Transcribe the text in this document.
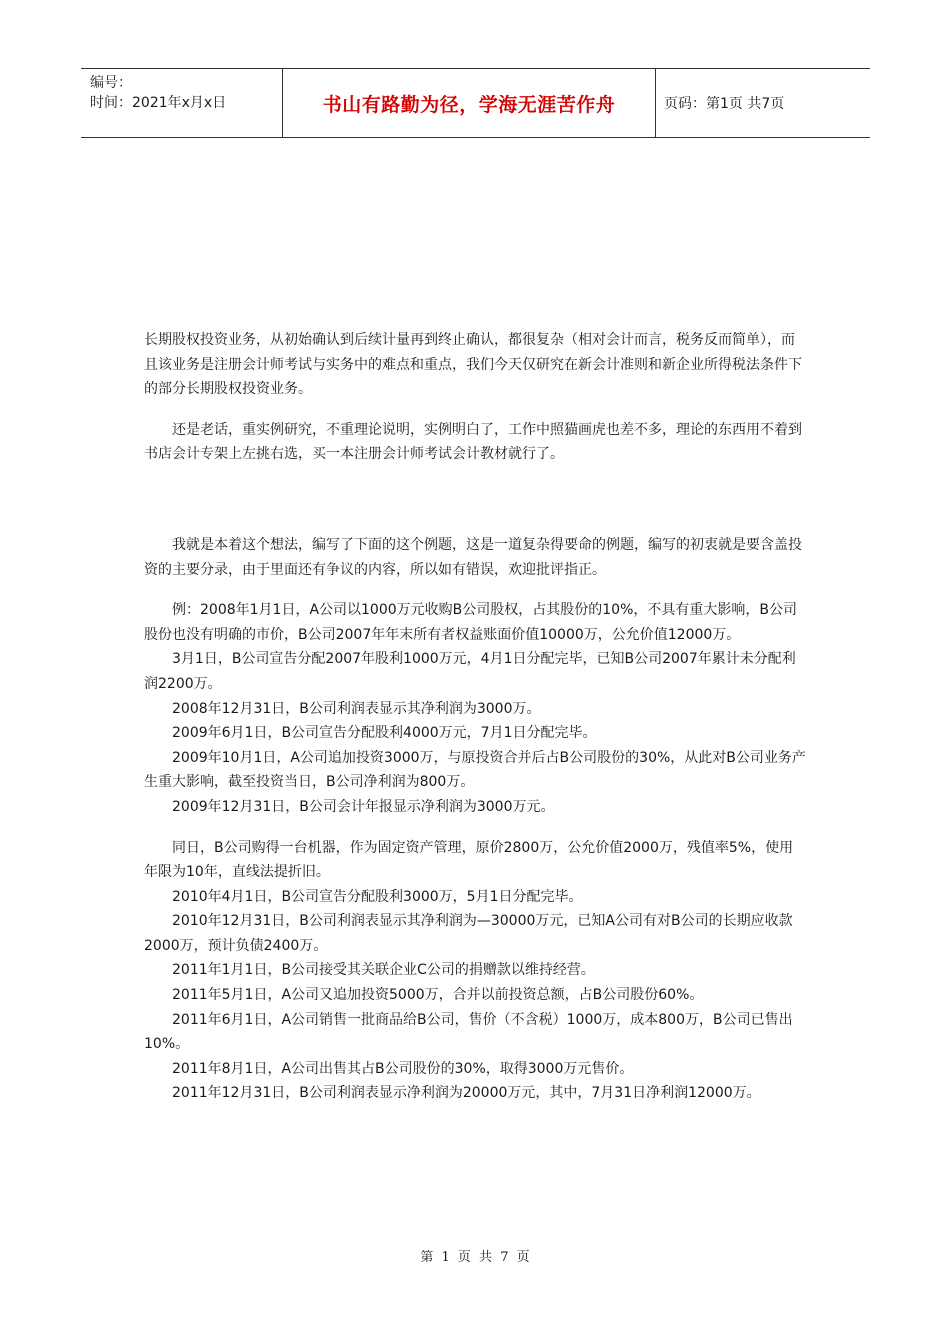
编号：
时间：2021年x月x日	书山有路勤为径，学海无涯苦作舟	页码：第1页 共7页

长期股权投资业务，从初始确认到后续计量再到终止确认，都很复杂（相对会计而言，税务反而简单），而且该业务是注册会计师考试与实务中的难点和重点，我们今天仅研究在新会计准则和新企业所得税法条件下的部分长期股权投资业务。

还是老话，重实例研究，不重理论说明，实例明白了，工作中照猫画虎也差不多，理论的东西用不着到书店会计专架上左挑右选，买一本注册会计师考试会计教材就行了。

我就是本着这个想法，编写了下面的这个例题，这是一道复杂得要命的例题，编写的初衷就是要含盖投资的主要分录，由于里面还有争议的内容，所以如有错误，欢迎批评指正。

例：2008年1月1日，A公司以1000万元收购B公司股权，占其股份的10%，不具有重大影响，B公司股份也没有明确的市价，B公司2007年年末所有者权益账面价值10000万，公允价值12000万。

3月1日，B公司宣告分配2007年股利1000万元，4月1日分配完毕，已知B公司2007年累计未分配利润2200万。

2008年12月31日，B公司利润表显示其净利润为3000万。

2009年6月1日，B公司宣告分配股利4000万元，7月1日分配完毕。

2009年10月1日，A公司追加投资3000万，与原投资合并后占B公司股份的30%，从此对B公司业务产生重大影响，截至投资当日，B公司净利润为800万。

2009年12月31日，B公司会计年报显示净利润为3000万元。

同日，B公司购得一台机器，作为固定资产管理，原价2800万，公允价值2000万，残值率5%，使用年限为10年，直线法提折旧。

2010年4月1日，B公司宣告分配股利3000万，5月1日分配完毕。

2010年12月31日，B公司利润表显示其净利润为—30000万元，已知A公司有对B公司的长期应收款2000万，预计负债2400万。

2011年1月1日，B公司接受其关联企业C公司的捐赠款以维持经营。

2011年5月1日，A公司又追加投资5000万，合并以前投资总额，占B公司股份60%。

2011年6月1日，A公司销售一批商品给B公司，售价（不含税）1000万，成本800万，B公司已售出10%。

2011年8月1日，A公司出售其占B公司股份的30%，取得3000万元售价。

2011年12月31日，B公司利润表显示净利润为20000万元，其中，7月31日净利润12000万。

第 1 页 共 7 页
